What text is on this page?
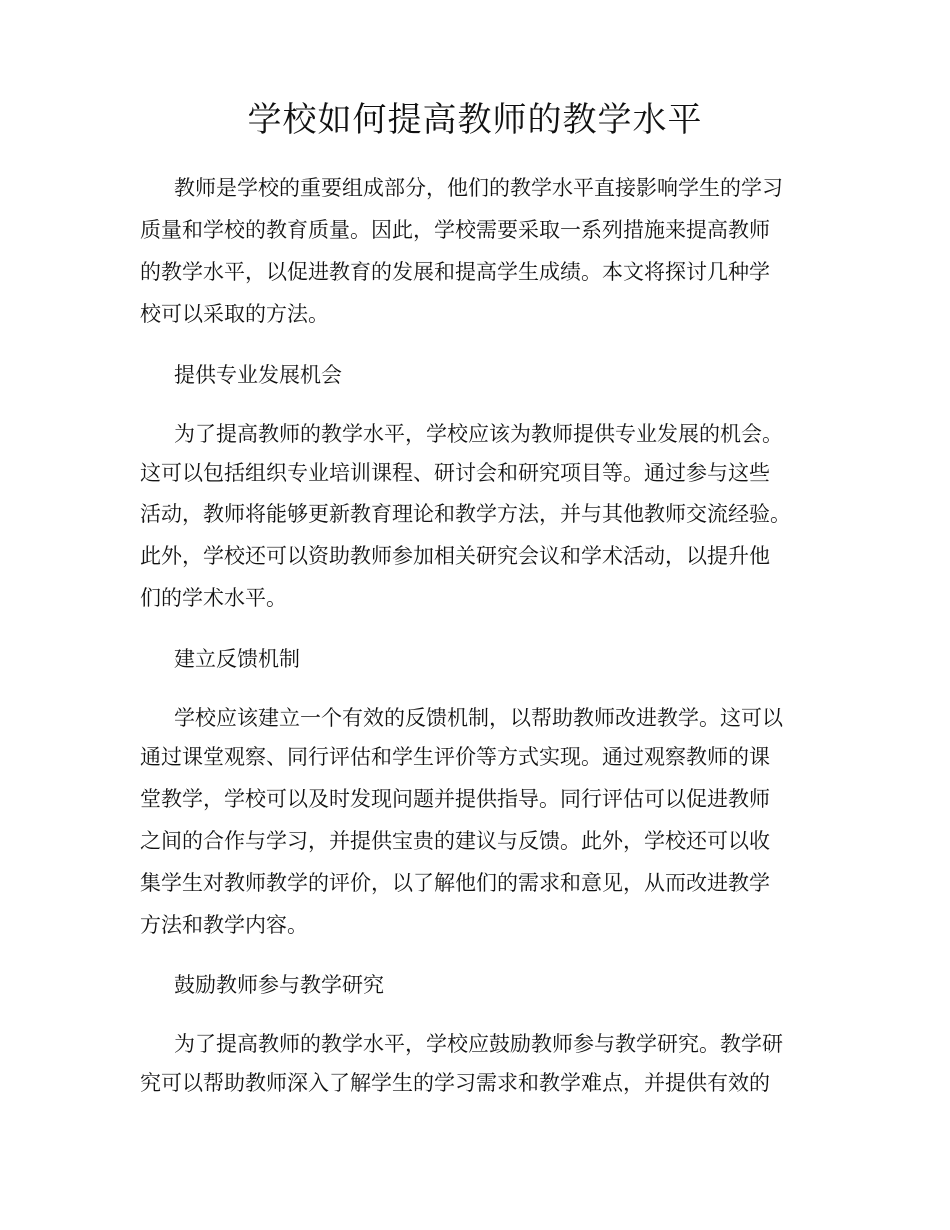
学校如何提高教师的教学水平

教师是学校的重要组成部分，他们的教学水平直接影响学生的学习

质量和学校的教育质量。因此，学校需要采取一系列措施来提高教师

的教学水平，以促进教育的发展和提高学生成绩。本文将探讨几种学

校可以采取的方法。

提供专业发展机会

为了提高教师的教学水平，学校应该为教师提供专业发展的机会。

这可以包括组织专业培训课程、研讨会和研究项目等。通过参与这些

活动，教师将能够更新教育理论和教学方法，并与其他教师交流经验。

此外，学校还可以资助教师参加相关研究会议和学术活动，以提升他

们的学术水平。

建立反馈机制

学校应该建立一个有效的反馈机制，以帮助教师改进教学。这可以

通过课堂观察、同行评估和学生评价等方式实现。通过观察教师的课

堂教学，学校可以及时发现问题并提供指导。同行评估可以促进教师

之间的合作与学习，并提供宝贵的建议与反馈。此外，学校还可以收

集学生对教师教学的评价，以了解他们的需求和意见，从而改进教学

方法和教学内容。

鼓励教师参与教学研究

为了提高教师的教学水平，学校应鼓励教师参与教学研究。教学研

究可以帮助教师深入了解学生的学习需求和教学难点，并提供有效的
